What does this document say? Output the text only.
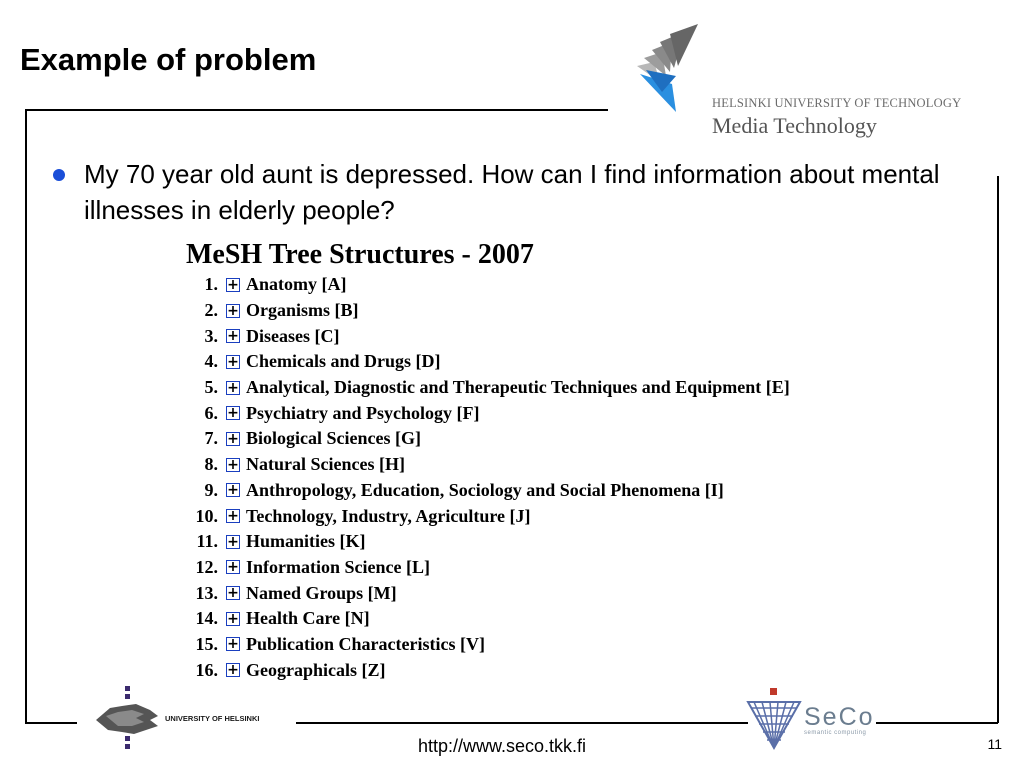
Example of problem
HELSINKI UNIVERSITY OF TECHNOLOGY
Media Technology
My 70 year old aunt is depressed. How can I find information about mental illnesses in elderly people?
MeSH Tree Structures - 2007
1. + Anatomy [A]
2. + Organisms [B]
3. + Diseases [C]
4. + Chemicals and Drugs [D]
5. + Analytical, Diagnostic and Therapeutic Techniques and Equipment [E]
6. + Psychiatry and Psychology [F]
7. + Biological Sciences [G]
8. + Natural Sciences [H]
9. + Anthropology, Education, Sociology and Social Phenomena [I]
10. + Technology, Industry, Agriculture [J]
11. + Humanities [K]
12. + Information Science [L]
13. + Named Groups [M]
14. + Health Care [N]
15. + Publication Characteristics [V]
16. + Geographicals [Z]
UNIVERSITY OF HELSINKI	SeCo
semantic computing
http://www.seco.tkk.fi	11
